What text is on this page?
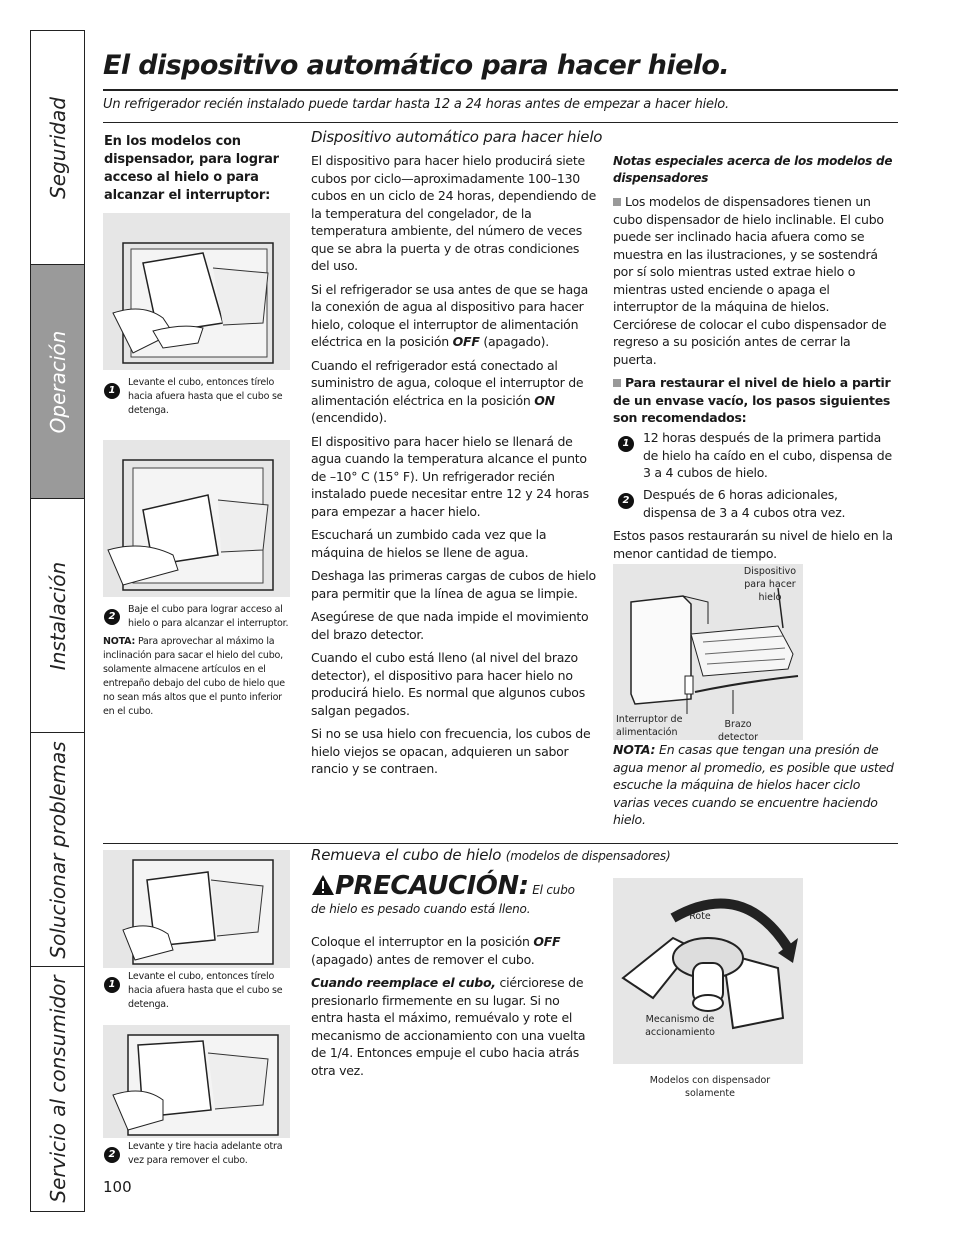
Seguridad
Operación
Instalación
Solucionar problemas
Servicio al consumidor
El dispositivo automático para hacer hielo.
Un refrigerador recién instalado puede tardar hasta 12 a 24 horas antes de empezar a hacer hielo.
En los modelos con dispensador, para lograr acceso al hielo o para alcanzar el interruptor:
1
Levante el cubo, entonces tírelo hacia afuera hasta que el cubo se detenga.
2
Baje el cubo para lograr acceso al hielo o para alcanzar el interruptor.
NOTA: Para aprovechar al máximo la inclinación para sacar el hielo del cubo, solamente almacene artículos en el entrepaño debajo del cubo de hielo que no sean más altos que el punto inferior en el cubo.
Dispositivo automático para hacer hielo

El dispositivo para hacer hielo producirá siete cubos por ciclo—aproximadamente 100–130 cubos en un ciclo de 24 horas, dependiendo de la temperatura del congelador, de la temperatura ambiente, del número de veces que se abra la puerta y de otras condiciones del uso.

Si el refrigerador se usa antes de que se haga la conexión de agua al dispositivo para hacer hielo, coloque el interruptor de alimentación eléctrica en la posición OFF (apagado).

Cuando el refrigerador está conectado al suministro de agua, coloque el interruptor de alimentación eléctrica en la posición ON (encendido).

El dispositivo para hacer hielo se llenará de agua cuando la temperatura alcance el punto de –10° C (15° F). Un refrigerador recién instalado puede necesitar entre 12 y 24 horas para empezar a hacer hielo.

Escuchará un zumbido cada vez que la máquina de hielos se llene de agua.

Deshaga las primeras cargas de cubos de hielo para permitir que la línea de agua se limpie.

Asegúrese de que nada impide el movimiento del brazo detector.

Cuando el cubo está lleno (al nivel del brazo detector), el dispositivo para hacer hielo no producirá hielo. Es normal que algunos cubos salgan pegados.

Si no se usa hielo con frecuencia, los cubos de hielo viejos se opacan, adquieren un sabor rancio y se contraen.

Notas especiales acerca de los modelos de dispensadores

Los modelos de dispensadores tienen un cubo dispensador de hielo inclinable. El cubo puede ser inclinado hacia afuera como se muestra en las ilustraciones, y se sostendrá por sí solo mientras usted extrae hielo o mientras usted enciende o apaga el interruptor de la máquina de hielos. Cerciórese de colocar el cubo dispensador de regreso a su posición antes de cerrar la puerta.

Para restaurar el nivel de hielo a partir de un envase vacío, los pasos siguientes son recomendados:

1	12 horas después de la primera partida de hielo ha caído en el cubo, dispensa de 3 a 4 cubos de hielo.
2	Después de 6 horas adicionales, dispensa de 3 a 4 cubos otra vez.
Estos pasos restaurarán su nivel de hielo en la menor cantidad de tiempo.
Dispositivo para hacer hielo
Interruptor de alimentación
Brazo detector
NOTA: En casas que tengan una presión de agua menor al promedio, es posible que usted escuche la máquina de hielos hacer ciclo varias veces cuando se encuentre haciendo hielo.
1
Levante el cubo, entonces tírelo hacia afuera hasta que el cubo se detenga.
2
Levante y tire hacia adelante otra vez para remover el cubo.
Remueva el cubo de hielo (modelos de dispensadores)
PRECAUCIÓN: El cubo de hielo es pesado cuando está lleno.

Coloque el interruptor en la posición OFF (apagado) antes de remover el cubo.

Cuando reemplace el cubo, ciérciorese de presionarlo firmemente en su lugar. Si no entra hasta el máximo, remuévalo y rote el mecanismo de accionamiento con una vuelta de 1/4. Entonces empuje el cubo hacia atrás otra vez.

Rote
Mecanismo de accionamiento
Modelos con dispensador solamente
100
